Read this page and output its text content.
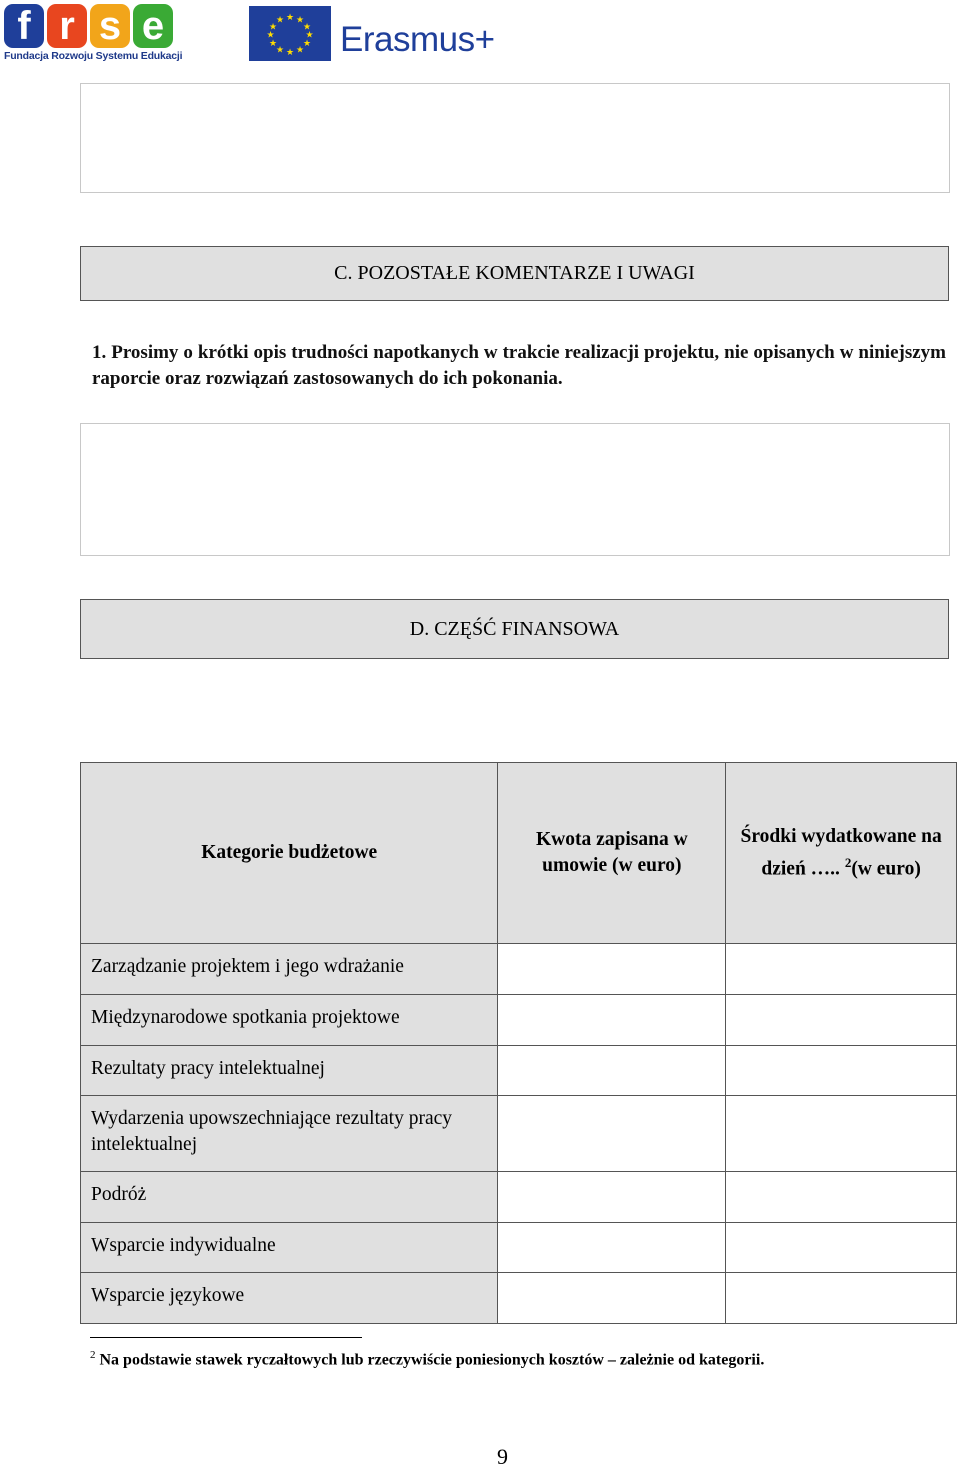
f r s e
Fundacja Rozwoju Systemu Edukacji
★ ★
★
★
★
★
★
★
★
★
★
★ Erasmus+
C. POZOSTAŁE KOMENTARZE I UWAGI
1. Prosimy o krótki opis trudności napotkanych w trakcie realizacji projektu, nie opisanych w niniejszym raporcie oraz rozwiązań zastosowanych do ich pokonania.
D. CZĘŚĆ FINANSOWA
Kategorie budżetowe	Kwota zapisana w umowie (w euro)	Środki wydatkowane na dzień ….. $^2$(w euro)
Zarządzanie projektem i jego wdrażanie		
Międzynarodowe spotkania projektowe		
Rezultaty pracy intelektualnej		
Wydarzenia upowszechniające rezultaty pracy intelektualnej		
Podróż		
Wsparcie indywidualne		
Wsparcie językowe		
$^2$ Na podstawie stawek ryczałtowych lub rzeczywiście poniesionych kosztów – zależnie od kategorii.
9
